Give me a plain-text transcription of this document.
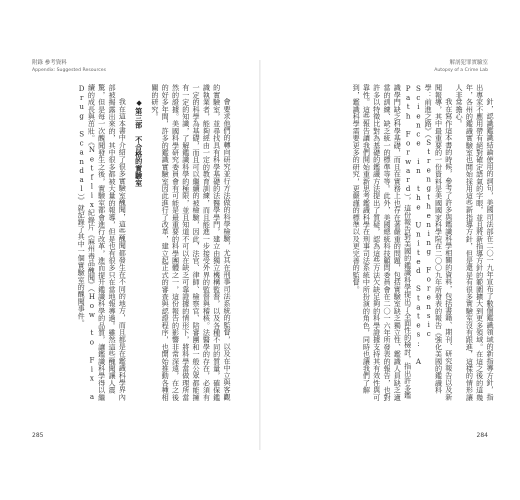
附錄 參考資料
Appendix: Suggested Resources

會要求他們的轉向研究並行方法做的科學檢驗，尤其在刑事司法系統的監督，以及在中立與客觀的實驗室，並尋找具有科學基礎的法醫學學門，建立由獨立機構監督，以及各種不同的質量，確保鑑識執業者，能夠經由一定的教育訓練，而且能進一步接受外界的監督與稽核。法醫學的存在，必須有一定的科學為基礎，而且可以繼續的被檢驗，因此，法官、律師、檢察官、陪審團和一般公眾都能擁有一定的知識，了解鑑識科學的極限，並且知道不可以在缺乏可靠證據的情形下，將科學當做理所當然的證據。美國科學研究委員會有可能是最重要的科學團體之一，這份報告的影響非常深遠，在之後的好多年間，許多的鑑識實驗室因此進行了改革，建立起正式的審查與認證程序，也開始推動各種相關的研究。

◆第三部　不合格的實驗室

我在這本書中介紹了很多實驗室醜聞，這些醜聞都發生在不同的地方，而且都是在鑑識科學界內部被揭露出來的，其中很多都被大量的報導，但是也有很多只在當地報導過。雖然這些醜聞讓人震驚，但是每一次醜聞發生之後，實驗室都會進行改革，進而提升鑑識科學的品質，讓鑑識科學得以繼續的成長與茁壯。《Netflix紀錄片《麻州毒品醜聞》（How to Fix a Drug Scandal）》就記錄了其中一個實驗室的醜聞事件。

285
解剖犯罪實驗室
Autopsy of a Crime Lab

針，認識鑑識結論使用的詞句，美國司法部在二〇一九年宣布了數個鑑識領域的新指導方針，指出專家不應用帶有絕對確定語氣的字眼，並且將新指導方針的範圍擴大到更多領域。在這之後的這幾年，各州的鑑識實驗室也開始採用這些新指導方針，但是還是有很多實驗室沒有跟進，這樣的情形讓人非常擔心。

我在寫作這本書的時候，參考了許多與鑑識科學相關的資料，包括書籍、期刊、研究報告以及新聞報導，其中最重要的一份資料是美國國家科學院在二〇〇九年所發表的報告《強化美國的鑑識科學：前進之路》（Strengthening Forensic Science in the United States: A Path Forward），這份報告對美國的鑑識科學提出了全面性的檢討，指出許多鑑識學門缺乏科學基礎，而且在實務上也存在著嚴重的問題，包括實驗室缺乏獨立性、鑑識人員缺乏適當的訓練、缺乏統一的標準等等。此外，美國總統科技顧問委員會在二〇一六年所發表的報告，也對許多以特徵比對為基礎的鑑識方法提出了質疑，認為這些方法欠缺足夠的科學證據支持其有效性與可靠性。這些報告讓我們開始重新思考鑑識科學在刑事司法系統中所扮演的角色，同時也讓我們了解到，鑑識科學需要更多的研究，更嚴謹的標準以及更完善的監督。

284
